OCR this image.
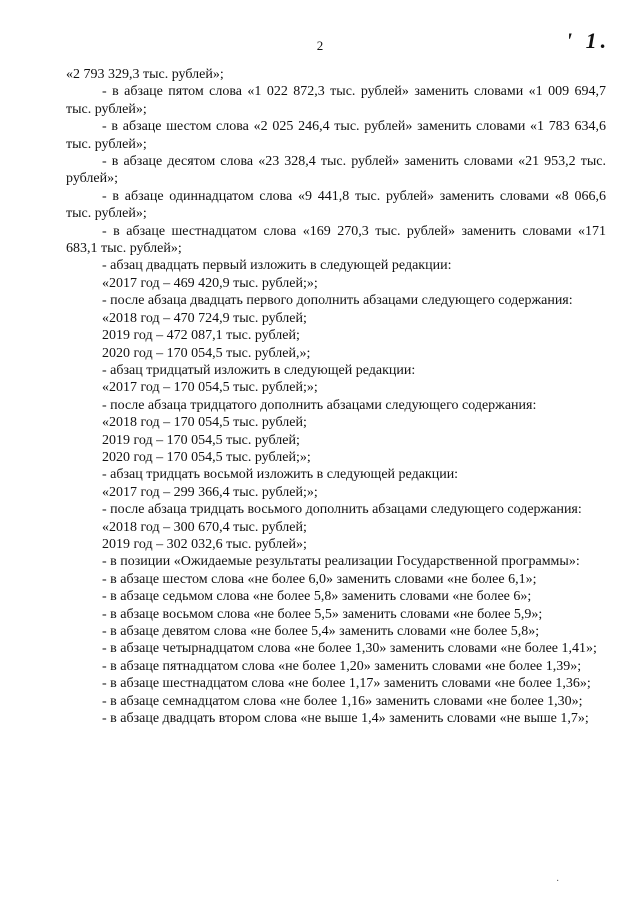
2	' 1.

«2 793 329,3 тыс. рублей»;

- в абзаце пятом слова «1 022 872,3 тыс. рублей» заменить словами «1 009 694,7 тыс. рублей»;

- в абзаце шестом слова «2 025 246,4 тыс. рублей» заменить словами «1 783 634,6 тыс. рублей»;

- в абзаце десятом слова «23 328,4 тыс. рублей» заменить словами «21 953,2 тыс. рублей»;

- в абзаце одиннадцатом слова «9 441,8 тыс. рублей» заменить словами «8 066,6 тыс. рублей»;

- в абзаце шестнадцатом слова «169 270,3 тыс. рублей» заменить словами «171 683,1 тыс. рублей»;

- абзац двадцать первый изложить в следующей редакции:

«2017 год – 469 420,9 тыс. рублей;»;

- после абзаца двадцать первого дополнить абзацами следующего содержания:

«2018 год – 470 724,9 тыс. рублей;

2019 год – 472 087,1 тыс. рублей;

2020 год – 170 054,5 тыс. рублей,»;

- абзац тридцатый изложить в следующей редакции:

«2017 год – 170 054,5 тыс. рублей;»;

- после абзаца тридцатого дополнить абзацами следующего содержания:

«2018 год – 170 054,5 тыс. рублей;

2019 год – 170 054,5 тыс. рублей;

2020 год – 170 054,5 тыс. рублей;»;

- абзац тридцать восьмой изложить в следующей редакции:

«2017 год – 299 366,4 тыс. рублей;»;

- после абзаца тридцать восьмого дополнить абзацами следующего содержания:

«2018 год – 300 670,4 тыс. рублей;

2019 год – 302 032,6 тыс. рублей»;

- в позиции «Ожидаемые результаты реализации Государственной программы»:

- в абзаце шестом слова «не более 6,0» заменить словами «не более 6,1»;

- в абзаце седьмом слова «не более 5,8» заменить словами «не более 6»;

- в абзаце восьмом слова «не более 5,5» заменить словами «не более 5,9»;

- в абзаце девятом слова «не более 5,4» заменить словами «не более 5,8»;

- в абзаце четырнадцатом слова «не более 1,30» заменить словами «не более 1,41»;

- в абзаце пятнадцатом слова «не более 1,20» заменить словами «не более 1,39»;

- в абзаце шестнадцатом слова «не более 1,17» заменить словами «не более 1,36»;

- в абзаце семнадцатом слова «не более 1,16» заменить словами «не более 1,30»;

- в абзаце двадцать втором слова «не выше 1,4» заменить словами «не выше 1,7»;

·
